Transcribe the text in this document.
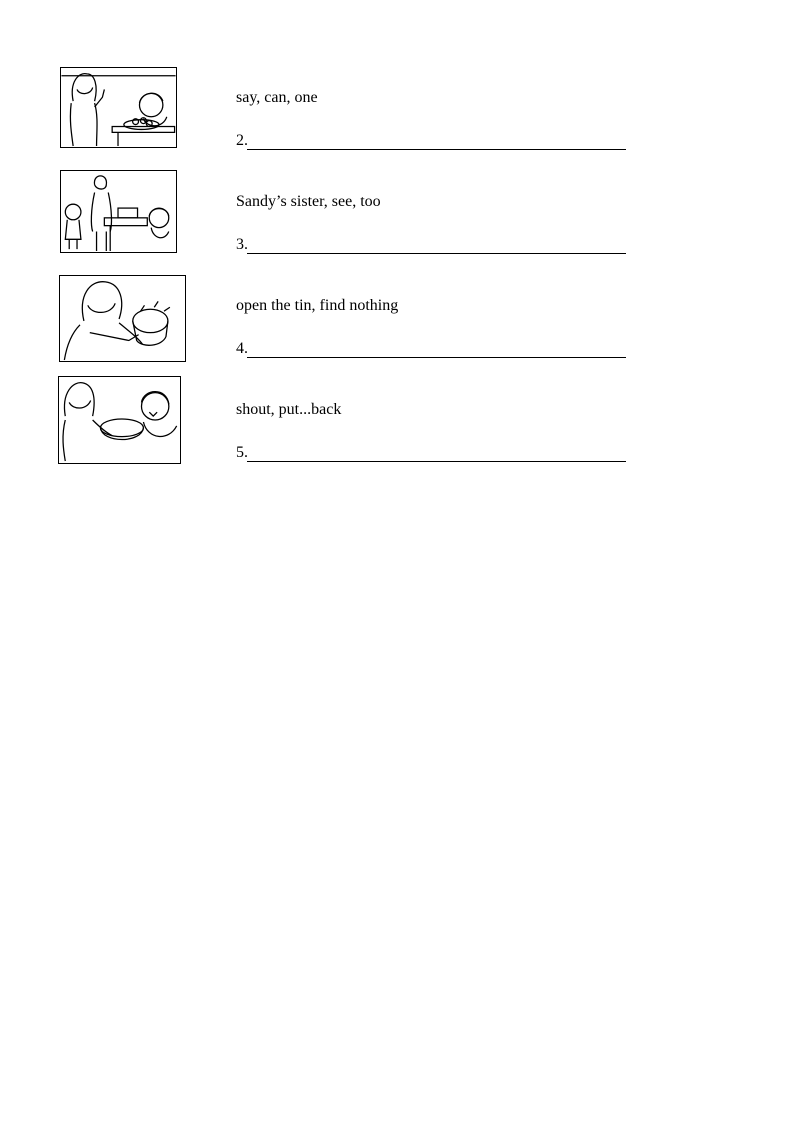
say, can, one
2.
Sandy’s sister, see, too
3.
open the tin, find nothing
4.
shout, put...back
5.
